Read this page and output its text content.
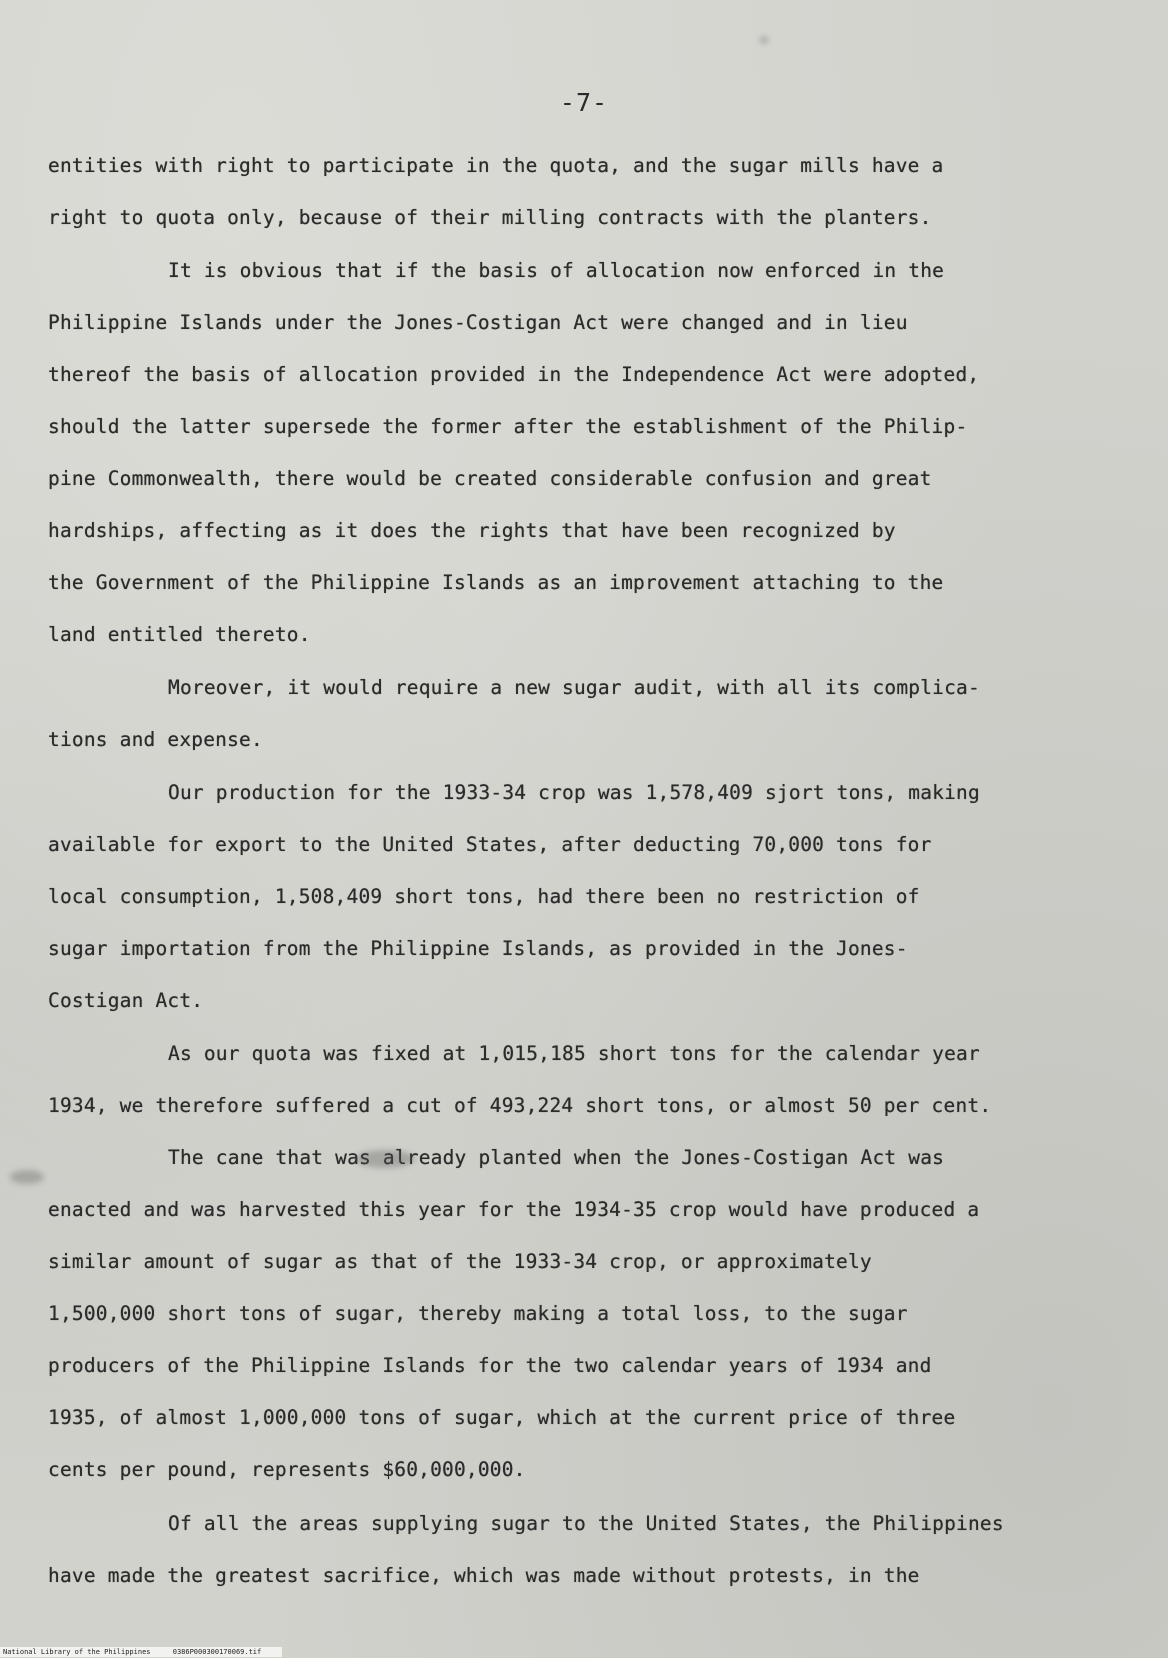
-7-
entities with right to participate in the quota, and the sugar mills have a
right to quota only, because of their milling contracts with the planters.
It is obvious that if the basis of allocation now enforced in the
Philippine Islands under the Jones-Costigan Act were changed and in lieu
thereof the basis of allocation provided in the Independence Act were adopted,
should the latter supersede the former after the establishment of the Philip-
pine Commonwealth, there would be created considerable confusion and great
hardships, affecting as it does the rights that have been recognized by
the Government of the Philippine Islands as an improvement attaching to the
land entitled thereto.
Moreover, it would require a new sugar audit, with all its complica-
tions and expense.
Our production for the 1933-34 crop was 1,578,409 sjort tons, making
available for export to the United States, after deducting 70,000 tons for
local consumption, 1,508,409 short tons, had there been no restriction of
sugar importation from the Philippine Islands, as provided in the Jones-
Costigan Act.
As our quota was fixed at 1,015,185 short tons for the calendar year
1934, we therefore suffered a cut of 493,224 short tons, or almost 50 per cent.
The cane that was already planted when the Jones-Costigan Act was
enacted and was harvested this year for the 1934-35 crop would have produced a
similar amount of sugar as that of the 1933-34 crop, or approximately
1,500,000 short tons of sugar, thereby making a total loss, to the sugar
producers of the Philippine Islands for the two calendar years of 1934 and
1935, of almost 1,000,000 tons of sugar, which at the current price of three
cents per pound, represents $60,000,000.
Of all the areas supplying sugar to the United States, the Philippines
have made the greatest sacrifice, which was made without protests, in the
National Library of the Philippines	0386P000300170069.tif
